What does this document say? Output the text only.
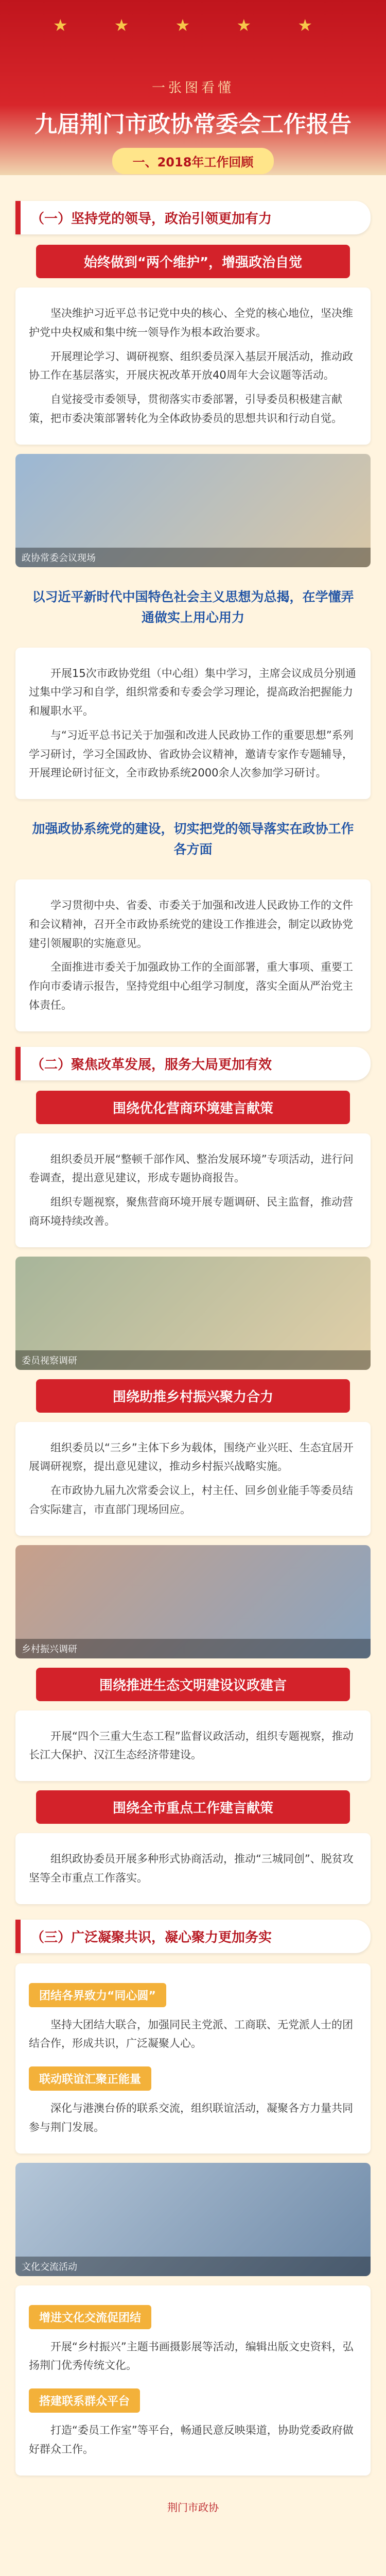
★ ★ ★ ★ ★
一张图看懂
九届荆门市政协常委会工作报告
一、2018年工作回顾
（一）坚持党的领导，政治引领更加有力
始终做到“两个维护”，增强政治自觉

坚决维护习近平总书记党中央的核心、全党的核心地位，坚决维护党中央权威和集中统一领导作为根本政治要求。

开展理论学习、调研视察、组织委员深入基层开展活动，推动政协工作在基层落实，开展庆祝改革开放40周年大会议题等活动。

自觉接受市委领导，贯彻落实市委部署，引导委员积极建言献策，把市委决策部署转化为全体政协委员的思想共识和行动自觉。

政协常委会议现场
以习近平新时代中国特色社会主义思想为总揭，在学懂弄通做实上用心用力

开展15次市政协党组（中心组）集中学习，主席会议成员分别通过集中学习和自学，组织常委和专委会学习理论，提高政治把握能力和履职水平。

与“习近平总书记关于加强和改进人民政协工作的重要思想”系列学习研讨，学习全国政协、省政协会议精神，邀请专家作专题辅导，开展理论研讨征文，全市政协系统2000余人次参加学习研讨。

加强政协系统党的建设，切实把党的领导落实在政协工作各方面

学习贯彻中央、省委、市委关于加强和改进人民政协工作的文件和会议精神，召开全市政协系统党的建设工作推进会，制定以政协党建引领履职的实施意见。

全面推进市委关于加强政协工作的全面部署，重大事项、重要工作向市委请示报告，坚持党组中心组学习制度，落实全面从严治党主体责任。

（二）聚焦改革发展，服务大局更加有效
围绕优化营商环境建言献策

组织委员开展“整顿千部作风、整治发展环境”专项活动，进行问卷调查，提出意见建议，形成专题协商报告。

组织专题视察，聚焦营商环境开展专题调研、民主监督，推动营商环境持续改善。

委员视察调研
围绕助推乡村振兴聚力合力

组织委员以“三乡”主体下乡为载体，围绕产业兴旺、生态宜居开展调研视察，提出意见建议，推动乡村振兴战略实施。

在市政协九届九次常委会议上，村主任、回乡创业能手等委员结合实际建言，市直部门现场回应。

乡村振兴调研
围绕推进生态文明建设议政建言

开展“四个三重大生态工程”监督议政活动，组织专题视察，推动长江大保护、汉江生态经济带建设。

围绕全市重点工作建言献策

组织政协委员开展多种形式协商活动，推动“三城同创”、脱贫攻坚等全市重点工作落实。

（三）广泛凝聚共识，凝心聚力更加务实
团结各界致力“同心圆”

坚持大团结大联合，加强同民主党派、工商联、无党派人士的团结合作，形成共识，广泛凝聚人心。

联动联谊汇聚正能量

深化与港澳台侨的联系交流，组织联谊活动，凝聚各方力量共同参与荆门发展。

文化交流活动
增进文化交流促团结

开展“乡村振兴”主题书画摄影展等活动，编辑出版文史资料，弘扬荆门优秀传统文化。

搭建联系群众平台

打造“委员工作室”等平台，畅通民意反映渠道，协助党委政府做好群众工作。

荆门市政协
